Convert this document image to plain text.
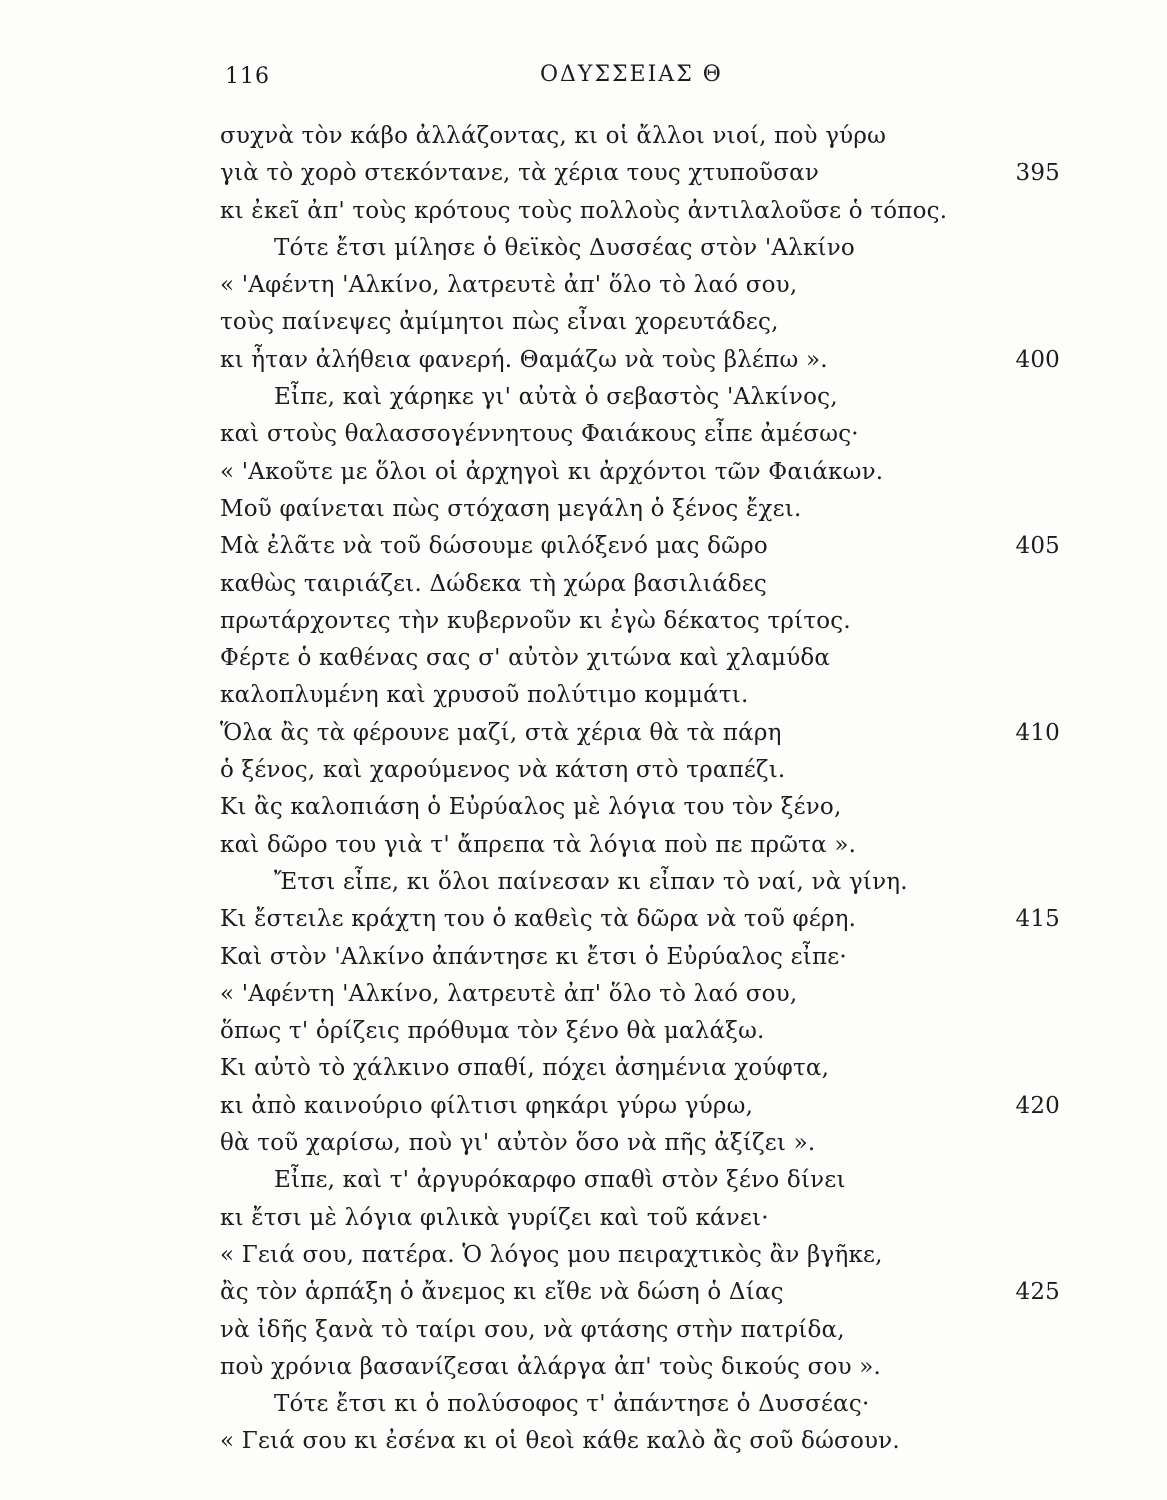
116	ΟΔΥΣΣΕΙΑΣ Θ
συχνὰ τὸν κάβο ἀλλάζοντας, κι οἱ ἄλλοι νιοί, ποὺ γύρω
γιὰ τὸ χορὸ στεκόντανε, τὰ χέρια τους χτυποῦσαν	395
κι ἐκεῖ ἀπ' τοὺς κρότους τοὺς πολλοὺς ἀντιλαλοῦσε ὁ τόπος.
Τότε ἔτσι μίλησε ὁ θεϊκὸς Δυσσέας στὸν 'Αλκίνο
« 'Αφέντη 'Αλκίνο, λατρευτὲ ἀπ' ὅλο τὸ λαό σου,
τοὺς παίνεψες ἀμίμητοι πὼς εἶναι χορευτάδες,
κι ἦταν ἀλήθεια φανερή. Θαμάζω νὰ τοὺς βλέπω ».	400
Εἶπε, καὶ χάρηκε γι' αὐτὰ ὁ σεβαστὸς 'Αλκίνος,
καὶ στοὺς θαλασσογέννητους Φαιάκους εἶπε ἀμέσως·
« 'Ακοῦτε με ὅλοι οἱ ἀρχηγοὶ κι ἀρχόντοι τῶν Φαιάκων.
Μοῦ φαίνεται πὼς στόχαση μεγάλη ὁ ξένος ἔχει.
Μὰ ἐλᾶτε νὰ τοῦ δώσουμε φιλόξενό μας δῶρο	405
καθὼς ταιριάζει. Δώδεκα τὴ χώρα βασιλιάδες
πρωτάρχοντες τὴν κυβερνοῦν κι ἐγὼ δέκατος τρίτος.
Φέρτε ὁ καθένας σας σ' αὐτὸν χιτώνα καὶ χλαμύδα
καλοπλυμένη καὶ χρυσοῦ πολύτιμο κομμάτι.
Ὅλα ἂς τὰ φέρουνε μαζί, στὰ χέρια θὰ τὰ πάρη	410
ὁ ξένος, καὶ χαρούμενος νὰ κάτση στὸ τραπέζι.
Κι ἂς καλοπιάση ὁ Εὐρύαλος μὲ λόγια του τὸν ξένο,
καὶ δῶρο του γιὰ τ' ἄπρεπα τὰ λόγια ποὺ πε πρῶτα ».
Ἔτσι εἶπε, κι ὅλοι παίνεσαν κι εἶπαν τὸ ναί, νὰ γίνη.
Κι ἔστειλε κράχτη του ὁ καθεὶς τὰ δῶρα νὰ τοῦ φέρη.	415
Καὶ στὸν 'Αλκίνο ἀπάντησε κι ἔτσι ὁ Εὐρύαλος εἶπε·
« 'Αφέντη 'Αλκίνο, λατρευτὲ ἀπ' ὅλο τὸ λαό σου,
ὅπως τ' ὁρίζεις πρόθυμα τὸν ξένο θὰ μαλάξω.
Κι αὐτὸ τὸ χάλκινο σπαθί, πόχει ἀσημένια χούφτα,
κι ἀπὸ καινούριο φίλτισι φηκάρι γύρω γύρω,	420
θὰ τοῦ χαρίσω, ποὺ γι' αὐτὸν ὅσο νὰ πῆς ἀξίζει ».
Εἶπε, καὶ τ' ἀργυρόκαρφο σπαθὶ στὸν ξένο δίνει
κι ἔτσι μὲ λόγια φιλικὰ γυρίζει καὶ τοῦ κάνει·
« Γειά σου, πατέρα. Ὁ λόγος μου πειραχτικὸς ἂν βγῆκε,
ἂς τὸν ἁρπάξη ὁ ἄνεμος κι εἴθε νὰ δώση ὁ Δίας	425
νὰ ἰδῆς ξανὰ τὸ ταίρι σου, νὰ φτάσης στὴν πατρίδα,
ποὺ χρόνια βασανίζεσαι ἀλάργα ἀπ' τοὺς δικούς σου ».
Τότε ἔτσι κι ὁ πολύσοφος τ' ἀπάντησε ὁ Δυσσέας·
« Γειά σου κι ἐσένα κι οἱ θεοὶ κάθε καλὸ ἂς σοῦ δώσουν.
